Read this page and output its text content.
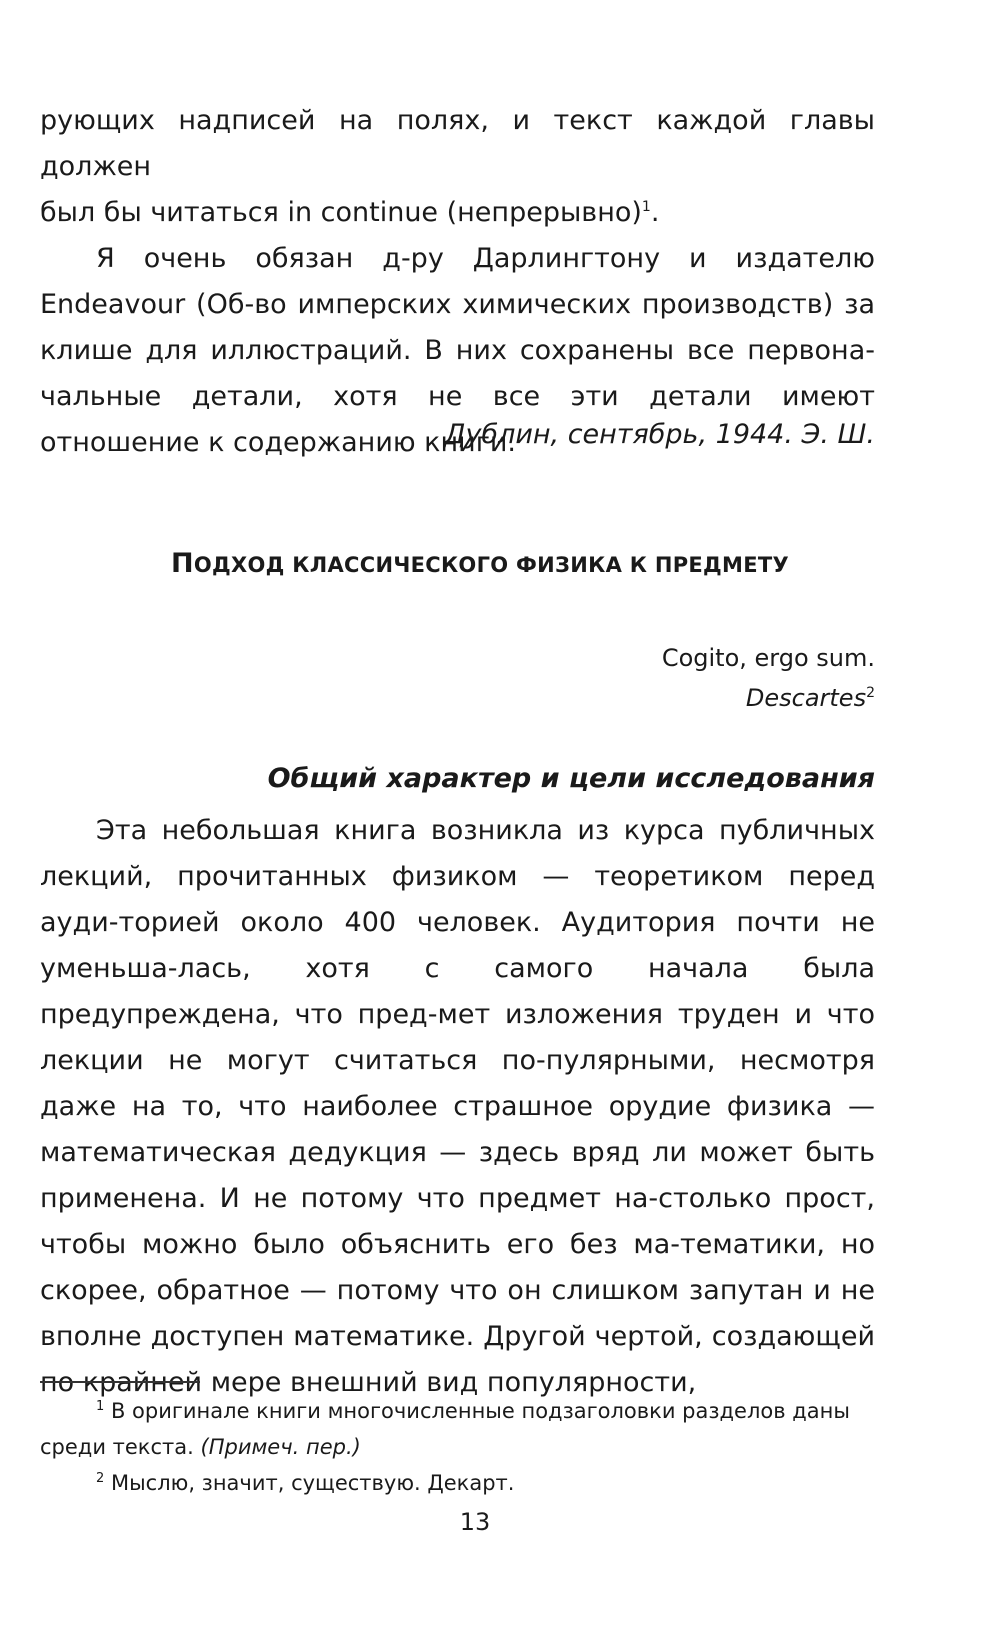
рующих надписей на полях, и текст каждой главы должен

был бы читаться in continue (непрерывно)$^1$.

Я очень обязан д-ру Дарлингтону и издателю Endeavour (Об-во имперских химических производств) за клише для иллюстраций. В них сохранены все первона-чальные детали, хотя не все эти детали имеют отношение к содержанию книги.

Дублин, сентябрь, 1944. Э. Ш.
ПОДХОД КЛАССИЧЕСКОГО ФИЗИКА К ПРЕДМЕТУ
Cogito, ergo sum.
Descartes$^2$
Общий характер и цели исследования

Эта небольшая книга возникла из курса публичных лекций, прочитанных физиком — теоретиком перед ауди-торией около 400 человек. Аудитория почти не уменьша-лась, хотя с самого начала была предупреждена, что пред-мет изложения труден и что лекции не могут считаться по-пулярными, несмотря даже на то, что наиболее страшное орудие физика — математическая дедукция — здесь вряд ли может быть применена. И не потому что предмет на-столько прост, чтобы можно было объяснить его без ма-тематики, но скорее, обратное — потому что он слишком запутан и не вполне доступен математике. Другой чертой, создающей по крайней мере внешний вид популярности,

$^1$ В оригинале книги многочисленные подзаголовки разделов даны среди текста. (Примеч. пер.)

$^2$ Мыслю, значит, существую. Декарт.

13
